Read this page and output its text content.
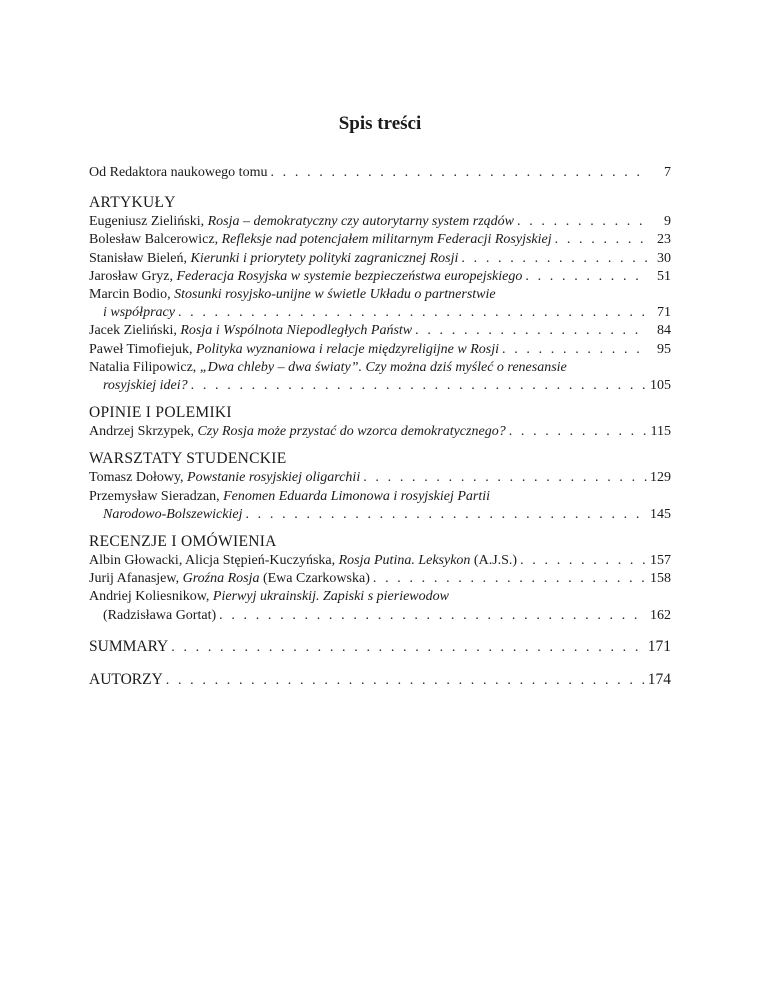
Spis treści
Od Redaktora naukowego tomu . . .	7
ARTYKUŁY
Eugeniusz Zieliński, Rosja – demokratyczny czy autorytarny system rządów . . .	9
Bolesław Balcerowicz, Refleksje nad potencjałem militarnym Federacji Rosyjskiej . . .	23
Stanisław Bieleń, Kierunki i priorytety polityki zagranicznej Rosji . . .	30
Jarosław Gryz, Federacja Rosyjska w systemie bezpieczeństwa europejskiego . . .	51
Marcin Bodio, Stosunki rosyjsko-unijne w świetle Układu o partnerstwie
i współpracy . . .	71
Jacek Zieliński, Rosja i Wspólnota Niepodległych Państw . . .	84
Paweł Timofiejuk, Polityka wyznaniowa i relacje międzyreligijne w Rosji . . .	95
Natalia Filipowicz, „Dwa chleby – dwa światy”. Czy można dziś myśleć o renesansie
rosyjskiej idei? . . .	105
OPINIE I POLEMIKI
Andrzej Skrzypek, Czy Rosja może przystać do wzorca demokratycznego? . . .	115
WARSZTATY STUDENCKIE
Tomasz Dołowy, Powstanie rosyjskiej oligarchii . . .	129
Przemysław Sieradzan, Fenomen Eduarda Limonowa i rosyjskiej Partii
Narodowo-Bolszewickiej . . .	145
RECENZJE I OMÓWIENIA
Albin Głowacki, Alicja Stępień-Kuczyńska, Rosja Putina. Leksykon (A.J.S.) . . .	157
Jurij Afanasjew, Groźna Rosja (Ewa Czarkowska) . . .	158
Andriej Koliesnikow, Pierwyj ukrainskij. Zapiski s pieriewodow
(Radzisława Gortat) . . .	162
SUMMARY . . .	171
AUTORZY . . .	174
